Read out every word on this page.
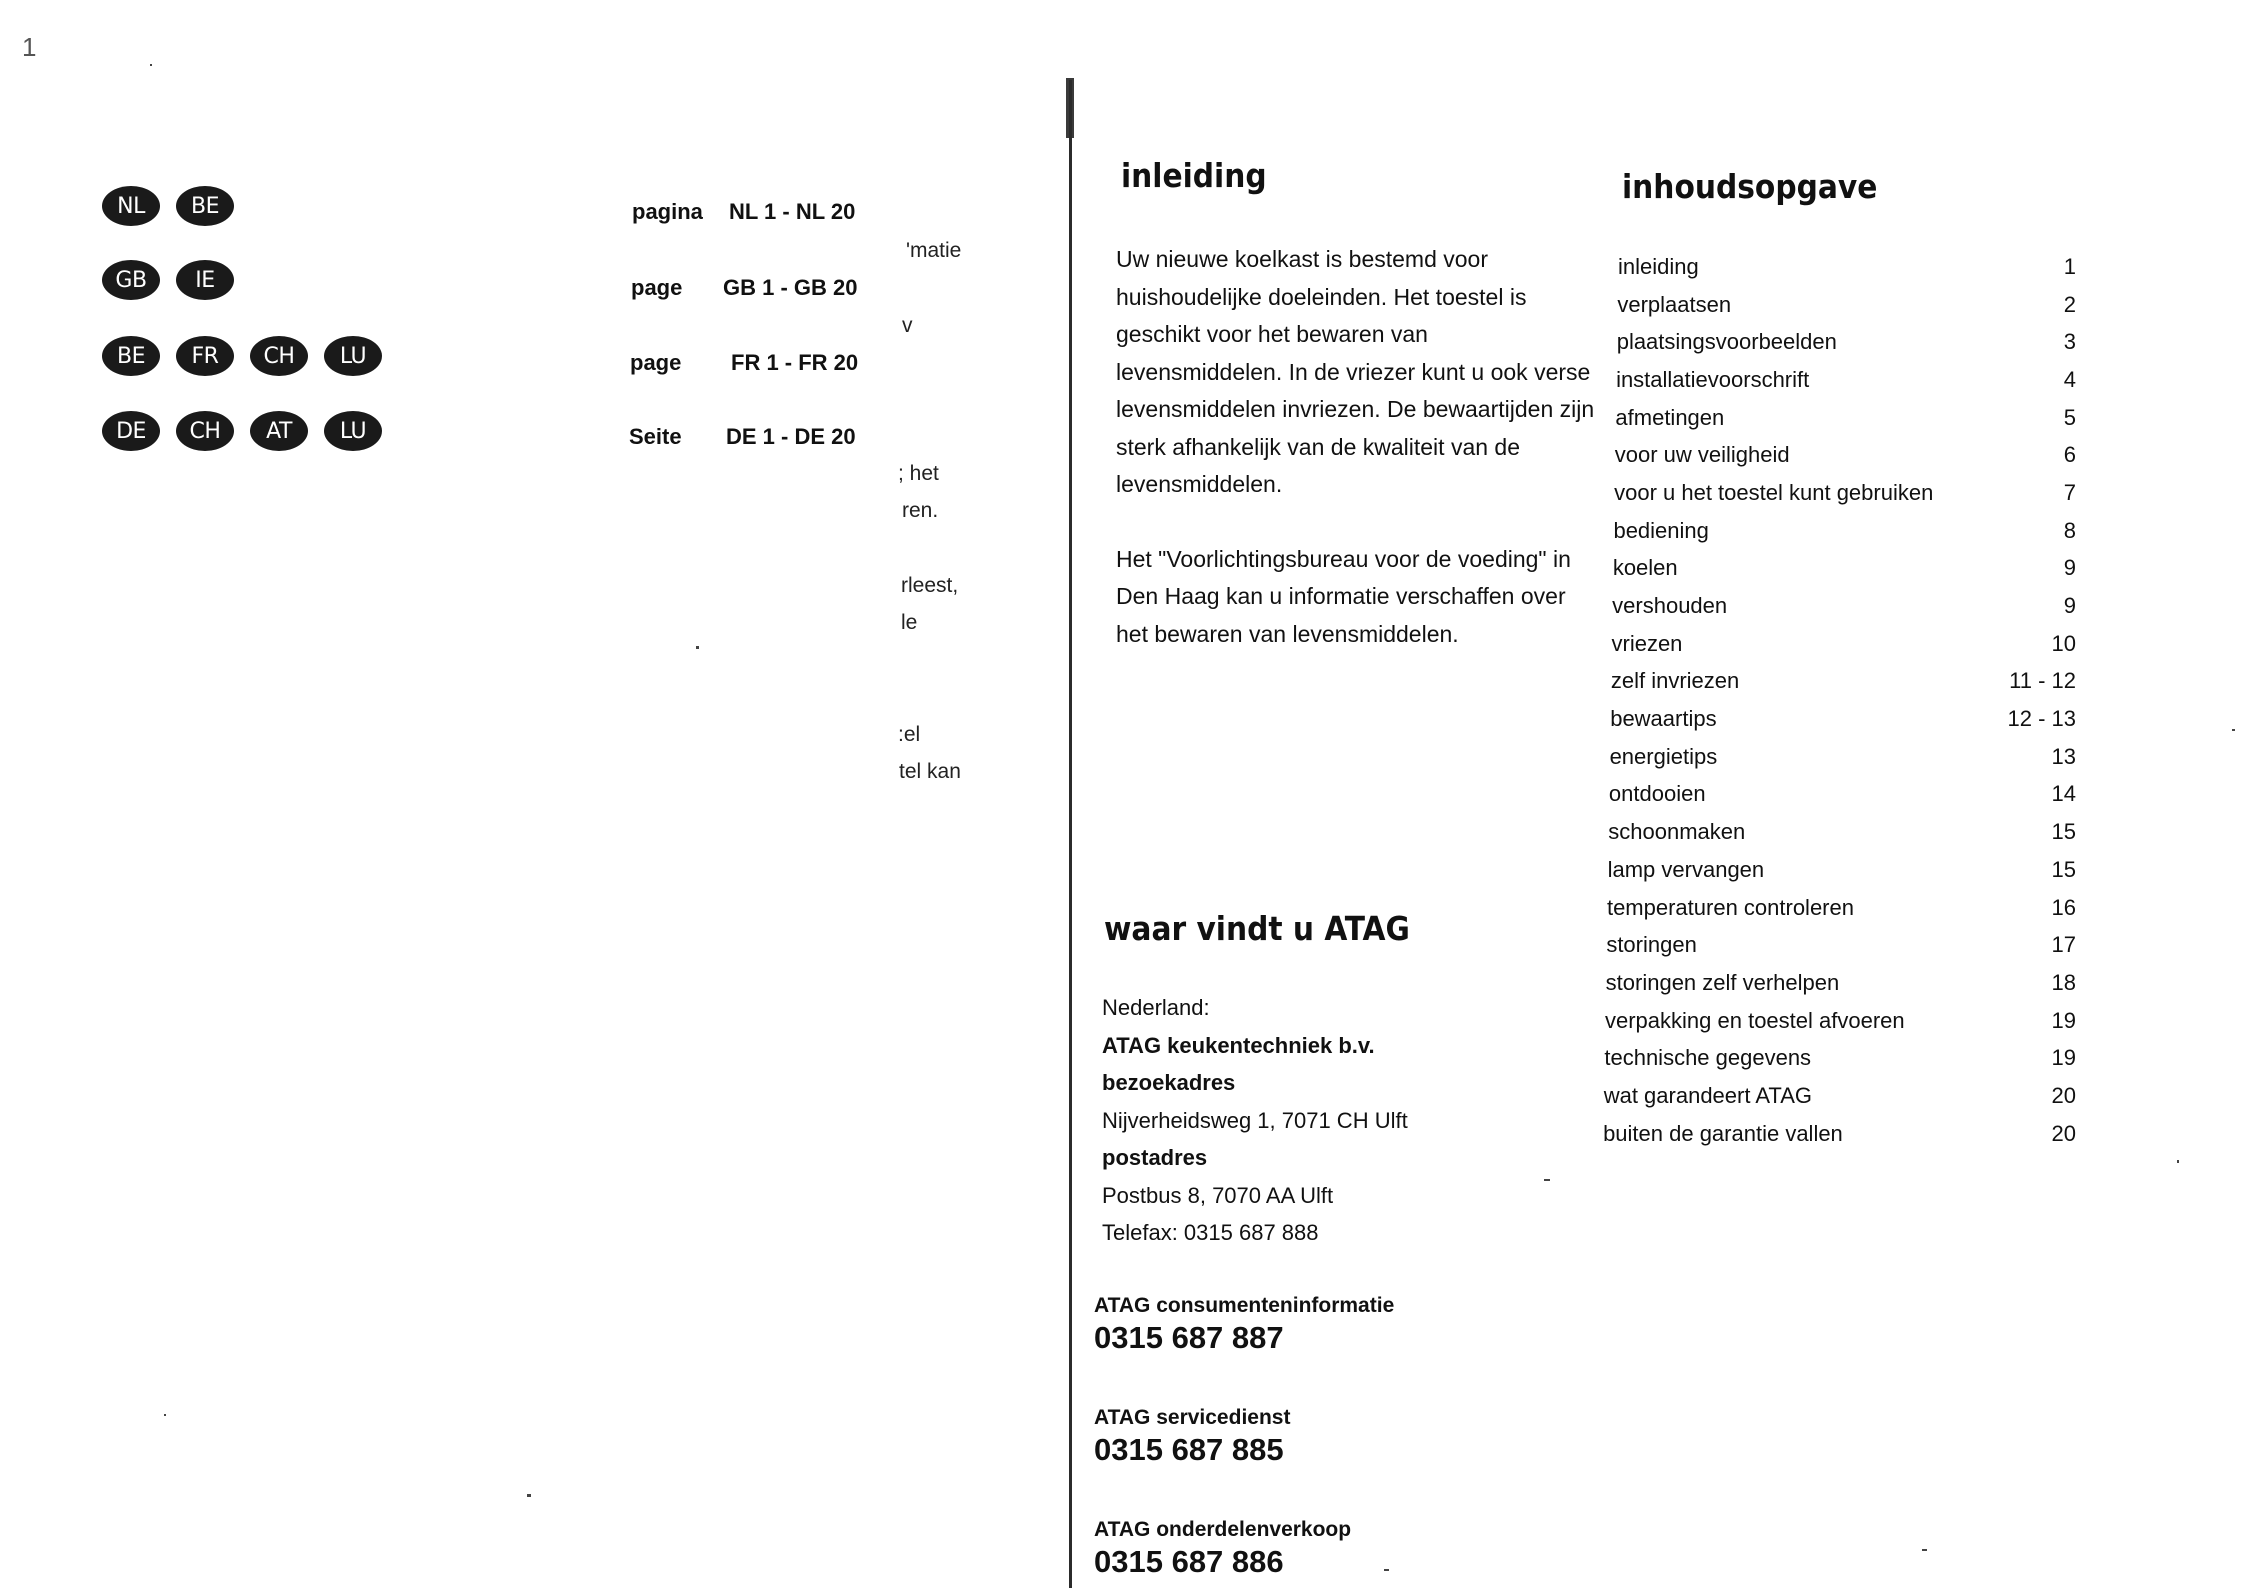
1
NL	BE	pagina NL 1 - NL 20
GB	IE	page GB 1 - GB 20
BE	FR	CH	LU	page FR 1 - FR 20
DE	CH	AT	LU	Seite DE 1 - DE 20
'matie
v
; het
ren.
rleest,
le
:el
tel kan
inleiding

Uw nieuwe koelkast is bestemd voor huishoudelijke doeleinden. Het toestel is geschikt voor het bewaren van levensmiddelen. In de vriezer kunt u ook verse levensmiddelen invriezen. De bewaartijden zijn sterk afhankelijk van de kwaliteit van de levensmiddelen.

Het "Voorlichtingsbureau voor de voeding" in Den Haag kan u informatie verschaffen over het bewaren van levensmiddelen.

inhoudsopgave
inleiding	1
verplaatsen	2
plaatsingsvoorbeelden	3
installatievoorschrift	4
afmetingen	5
voor uw veiligheid	6
voor u het toestel kunt gebruiken	7
bediening	8
koelen	9
vershouden	9
vriezen	10
zelf invriezen	11 - 12
bewaartips	12 - 13
energietips	13
ontdooien	14
schoonmaken	15
lamp vervangen	15
temperaturen controleren	16
storingen	17
storingen zelf verhelpen	18
verpakking en toestel afvoeren	19
technische gegevens	19
wat garandeert ATAG	20
buiten de garantie vallen	20
waar vindt u ATAG
Nederland:
ATAG keukentechniek b.v.
bezoekadres
Nijverheidsweg 1, 7071 CH Ulft
postadres
Postbus 8, 7070 AA Ulft
Telefax: 0315 687 888
ATAG consumenteninformatie
0315 687 887
ATAG servicedienst
0315 687 885
ATAG onderdelenverkoop
0315 687 886
